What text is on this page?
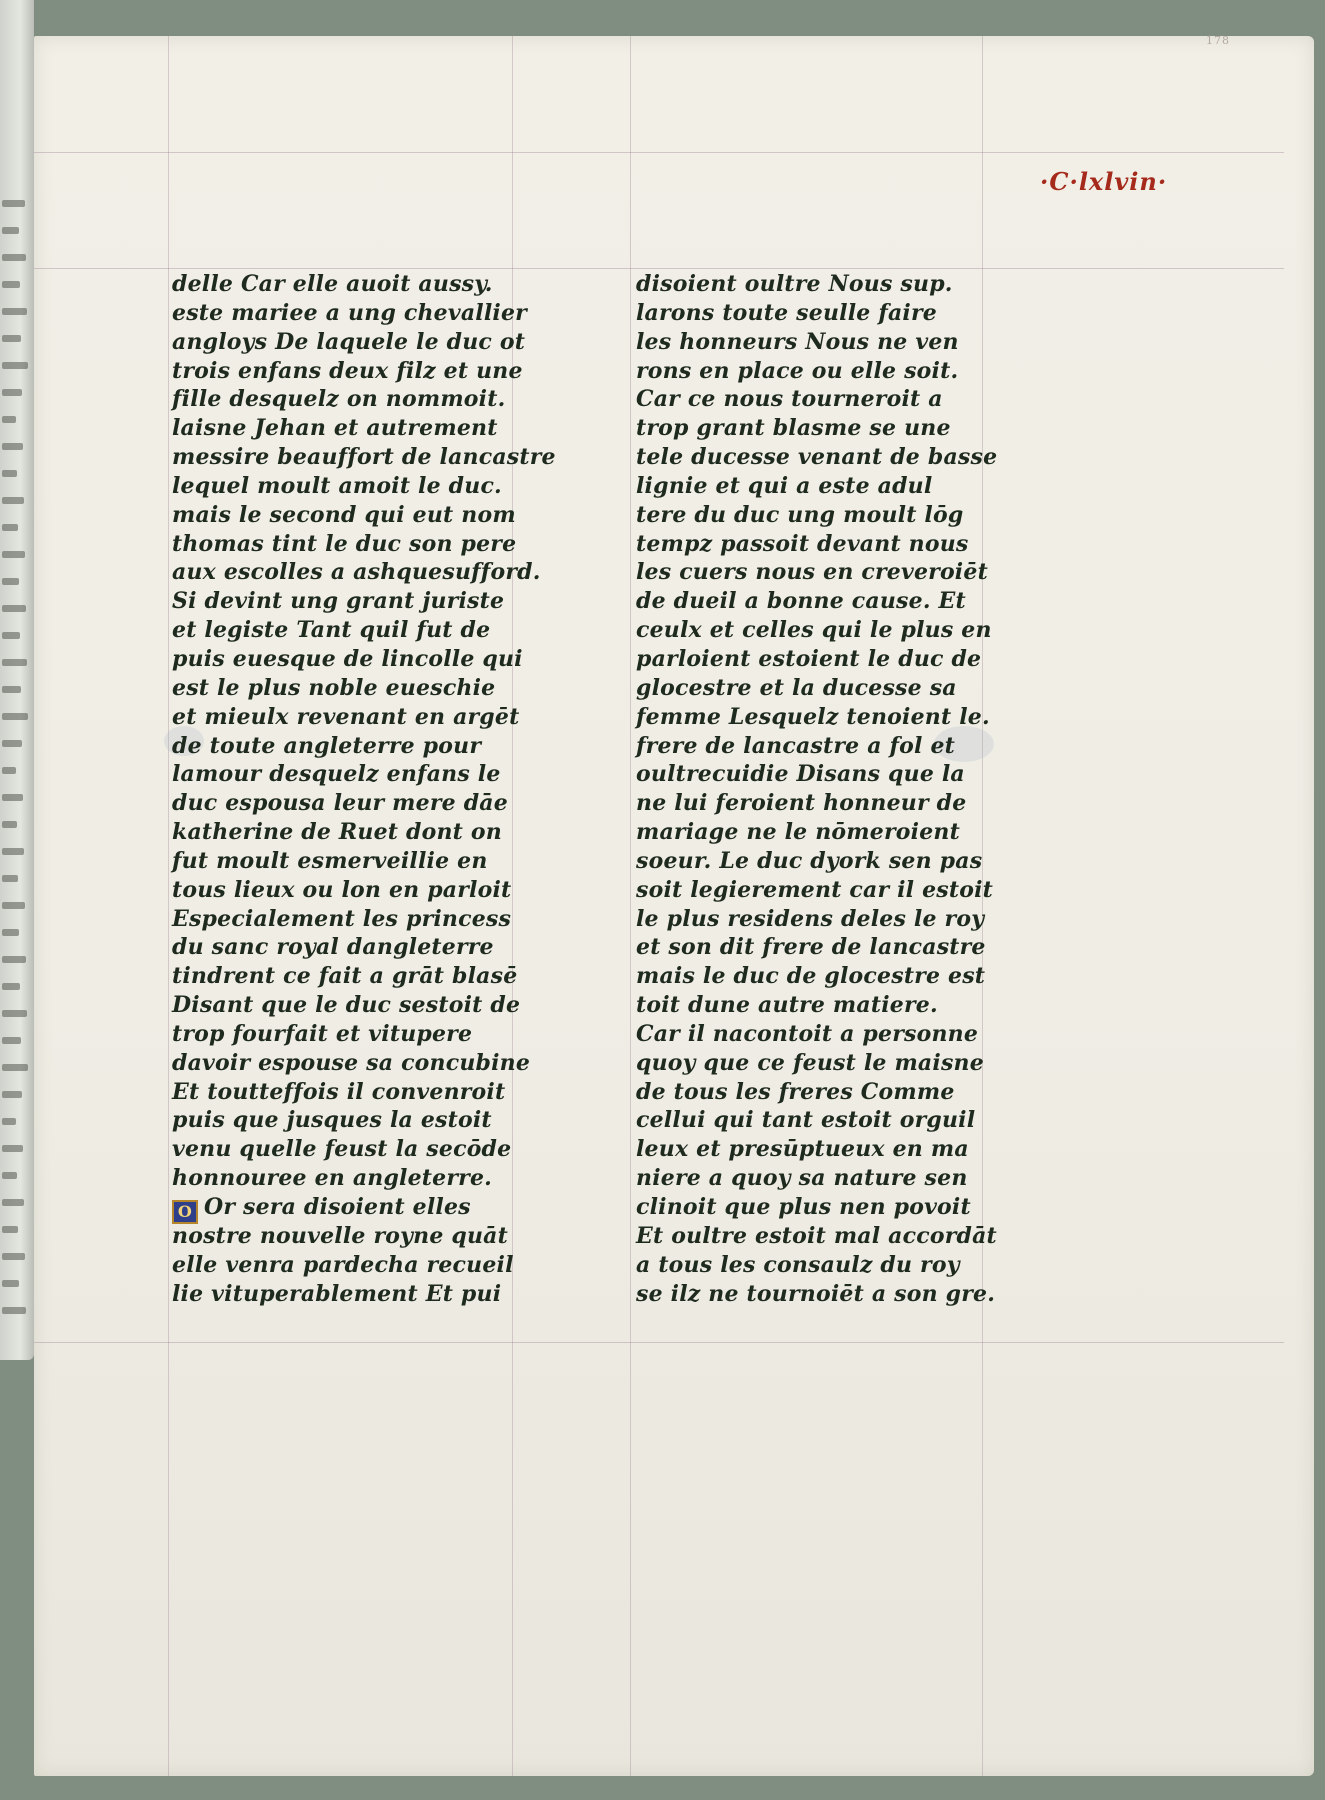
178
·C·lxlvin·
delle Car elle auoit aussy.
este mariee a ung chevallier
angloys De laquele le duc ot
trois enfans deux filz et une
fille desquelz on nommoit.
laisne Jehan et autrement
messire beauffort de lancastre
lequel moult amoit le duc.
mais le second qui eut nom
thomas tint le duc son pere
aux escolles a ashquesufford.
Si devint ung grant juriste
et legiste Tant quil fut de
puis euesque de lincolle qui
est le plus noble eueschie
et mieulx revenant en argēt
de toute angleterre pour
lamour desquelz enfans le
duc espousa leur mere dāe
katherine de Ruet dont on
fut moult esmerveillie en
tous lieux ou lon en parloit
Especialement les princess
du sanc royal dangleterre
tindrent ce fait a grāt blasē
Disant que le duc sestoit de
trop fourfait et vitupere
davoir espouse sa concubine
Et toutteffois il convenroit
puis que jusques la estoit
venu quelle feust la secōde
honnouree en angleterre.
O Or sera disoient elles
nostre nouvelle royne quāt
elle venra pardecha recueil
lie vituperablement Et pui
disoient oultre Nous sup.
larons toute seulle faire
les honneurs Nous ne ven
rons en place ou elle soit.
Car ce nous tourneroit a
trop grant blasme se une
tele ducesse venant de basse
lignie et qui a este adul
tere du duc ung moult lōg
tempz passoit devant nous
les cuers nous en creveroiēt
de dueil a bonne cause. Et
ceulx et celles qui le plus en
parloient estoient le duc de
glocestre et la ducesse sa
femme Lesquelz tenoient le.
frere de lancastre a fol et
oultrecuidie Disans que la
ne lui feroient honneur de
mariage ne le nōmeroient
soeur. Le duc dyork sen pas
soit legierement car il estoit
le plus residens deles le roy
et son dit frere de lancastre
mais le duc de glocestre est
toit dune autre matiere.
Car il nacontoit a personne
quoy que ce feust le maisne
de tous les freres Comme
cellui qui tant estoit orguil
leux et presūptueux en ma
niere a quoy sa nature sen
clinoit que plus nen povoit
Et oultre estoit mal accordāt
a tous les consaulz du roy
se ilz ne tournoiēt a son gre.
